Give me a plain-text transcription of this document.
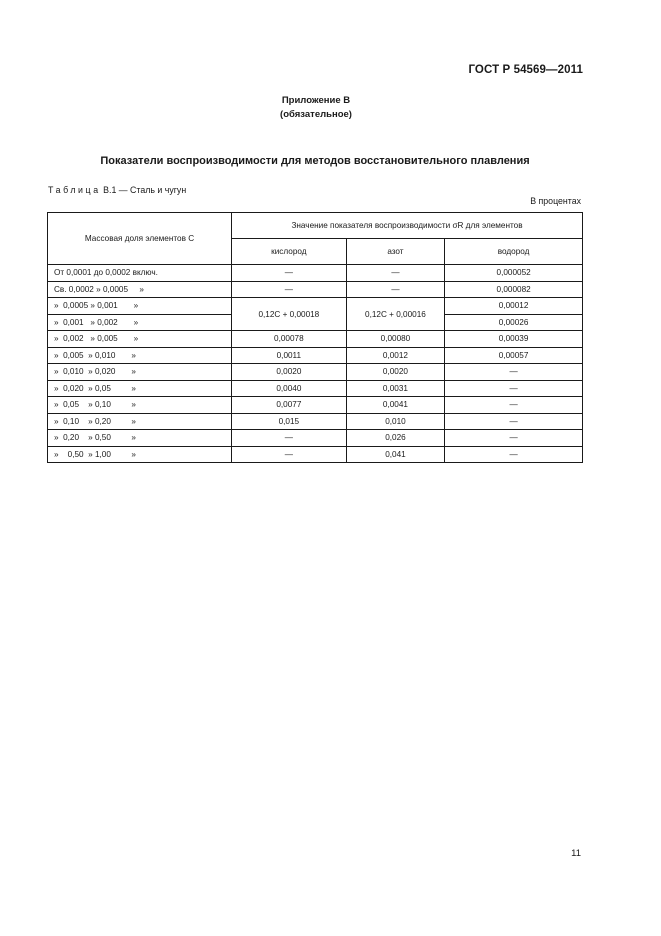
ГОСТ Р 54569—2011
Приложение В
(обязательное)
Показатели воспроизводимости для методов восстановительного плавления
Таблица В.1 — Сталь и чугун
В процентах
Массовая доля элементов С	Значение показателя воспроизводимости σR для элементов		
	кислород	азот	водород
От 0,0001 до 0,0002 включ.	—	—	0,000052
Св. 0,0002 » 0,0005     »	—	—	0,000082
»  0,0005 » 0,001       »	0,12C + 0,00018	0,12C + 0,00016	0,00012
»  0,001   » 0,002       »			0,00026
»  0,002   » 0,005       »	0,00078	0,00080	0,00039
»  0,005  » 0,010       »	0,0011	0,0012	0,00057
»  0,010  » 0,020       »	0,0020	0,0020	—
»  0,020  » 0,05         »	0,0040	0,0031	—
»  0,05    » 0,10         »	0,0077	0,0041	—
»  0,10    » 0,20         »	0,015	0,010	—
»  0,20    » 0,50         »	—	0,026	—
»    0,50  » 1,00         »	—	0,041	—
11
